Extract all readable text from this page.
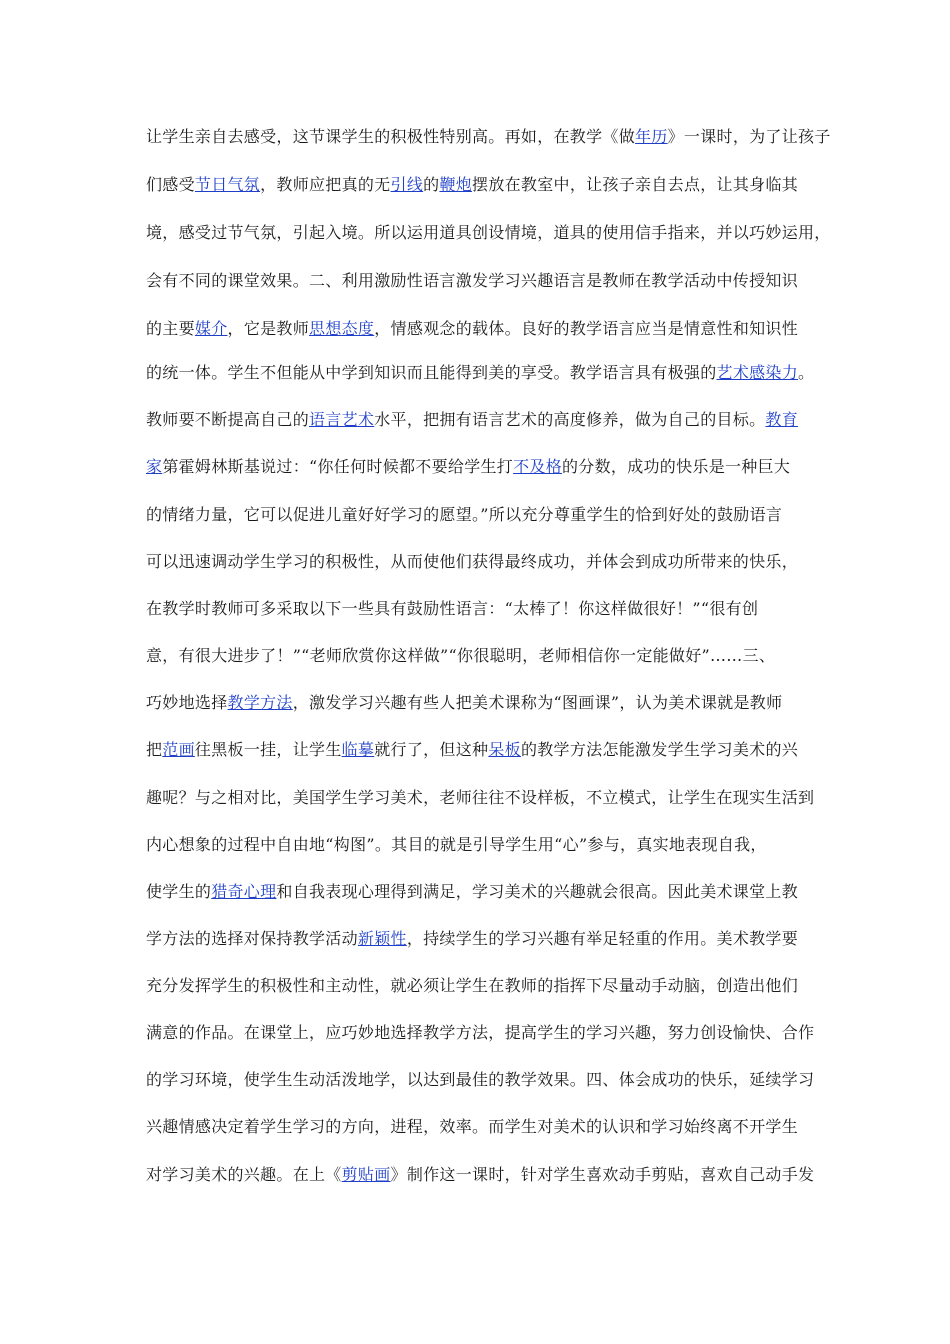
让学生亲自去感受，这节课学生的积极性特别高。再如，在教学《做年历》一课时，为了让孩子
们感受节日气氛，教师应把真的无引线的鞭炮摆放在教室中，让孩子亲自去点，让其身临其
境，感受过节气氛，引起入境。所以运用道具创设情境，道具的使用信手指来，并以巧妙运用，
会有不同的课堂效果。二、利用激励性语言激发学习兴趣语言是教师在教学活动中传授知识
的主要媒介，它是教师思想态度，情感观念的载体。良好的教学语言应当是情意性和知识性
的统一体。学生不但能从中学到知识而且能得到美的享受。教学语言具有极强的艺术感染力。
教师要不断提高自己的语言艺术水平，把拥有语言艺术的高度修养，做为自己的目标。教育
家第霍姆林斯基说过：“你任何时候都不要给学生打不及格的分数，成功的快乐是一种巨大
的情绪力量，它可以促进儿童好好学习的愿望。”所以充分尊重学生的恰到好处的鼓励语言
可以迅速调动学生学习的积极性，从而使他们获得最终成功，并体会到成功所带来的快乐，
在教学时教师可多采取以下一些具有鼓励性语言：“太棒了！你这样做很好！”“很有创
意，有很大进步了！”“老师欣赏你这样做”“你很聪明，老师相信你一定能做好”……三、
巧妙地选择教学方法，激发学习兴趣有些人把美术课称为“图画课”，认为美术课就是教师
把范画往黑板一挂，让学生临摹就行了，但这种呆板的教学方法怎能激发学生学习美术的兴
趣呢？与之相对比，美国学生学习美术，老师往往不设样板，不立模式，让学生在现实生活到
内心想象的过程中自由地“构图”。其目的就是引导学生用“心”参与，真实地表现自我，
使学生的猎奇心理和自我表现心理得到满足，学习美术的兴趣就会很高。因此美术课堂上教
学方法的选择对保持教学活动新颖性，持续学生的学习兴趣有举足轻重的作用。美术教学要
充分发挥学生的积极性和主动性，就必须让学生在教师的指挥下尽量动手动脑，创造出他们
满意的作品。在课堂上，应巧妙地选择教学方法，提高学生的学习兴趣，努力创设愉快、合作
的学习环境，使学生生动活泼地学，以达到最佳的教学效果。四、体会成功的快乐，延续学习
兴趣情感决定着学生学习的方向，进程，效率。而学生对美术的认识和学习始终离不开学生
对学习美术的兴趣。在上《剪贴画》制作这一课时，针对学生喜欢动手剪贴，喜欢自己动手发
